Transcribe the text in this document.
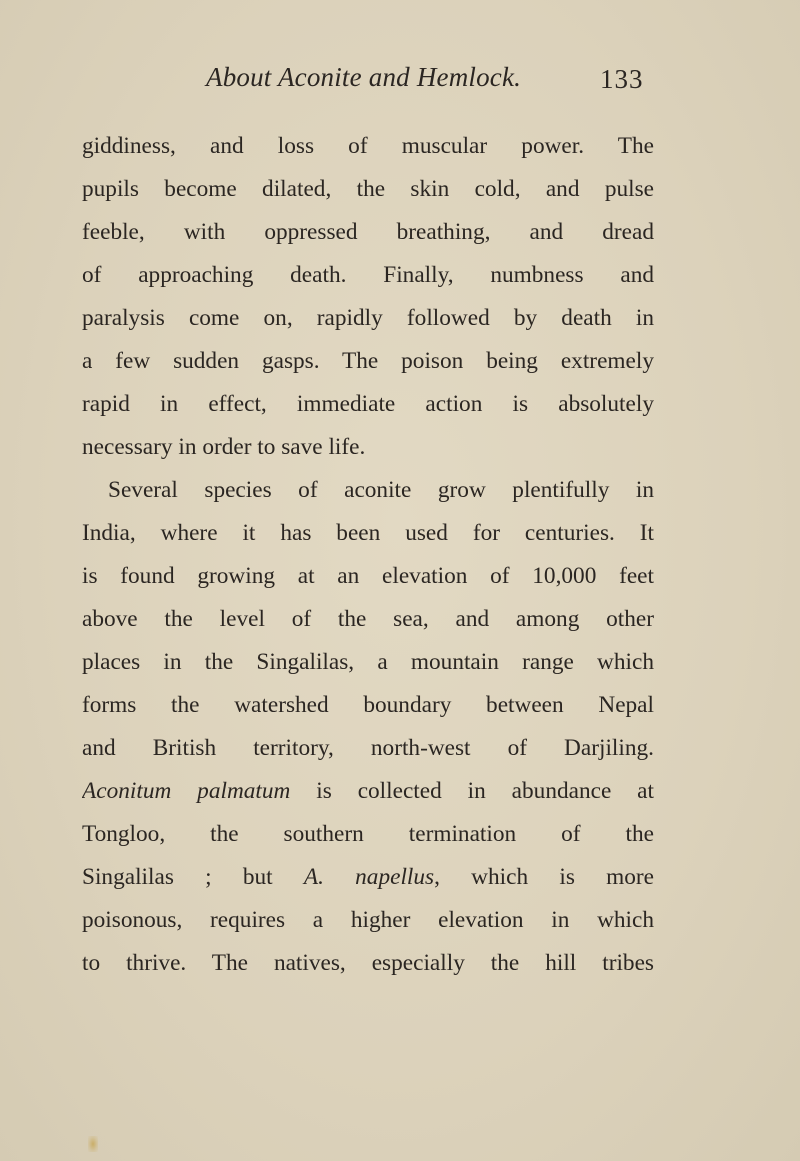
About Aconite and Hemlock.	133
giddiness, and loss of muscular power. The
pupils become dilated, the skin cold, and pulse
feeble, with oppressed breathing, and dread
of approaching death. Finally, numbness and
paralysis come on, rapidly followed by death in
a few sudden gasps. The poison being extremely
rapid in effect, immediate action is absolutely
necessary in order to save life.
Several species of aconite grow plentifully in
India, where it has been used for centuries. It
is found growing at an elevation of 10,000 feet
above the level of the sea, and among other
places in the Singalilas, a mountain range which
forms the watershed boundary between Nepal
and British territory, north-west of Darjiling.
Aconitum palmatum is collected in abundance at
Tongloo, the southern termination of the
Singalilas ; but A. napellus, which is more
poisonous, requires a higher elevation in which
to thrive. The natives, especially the hill tribes
